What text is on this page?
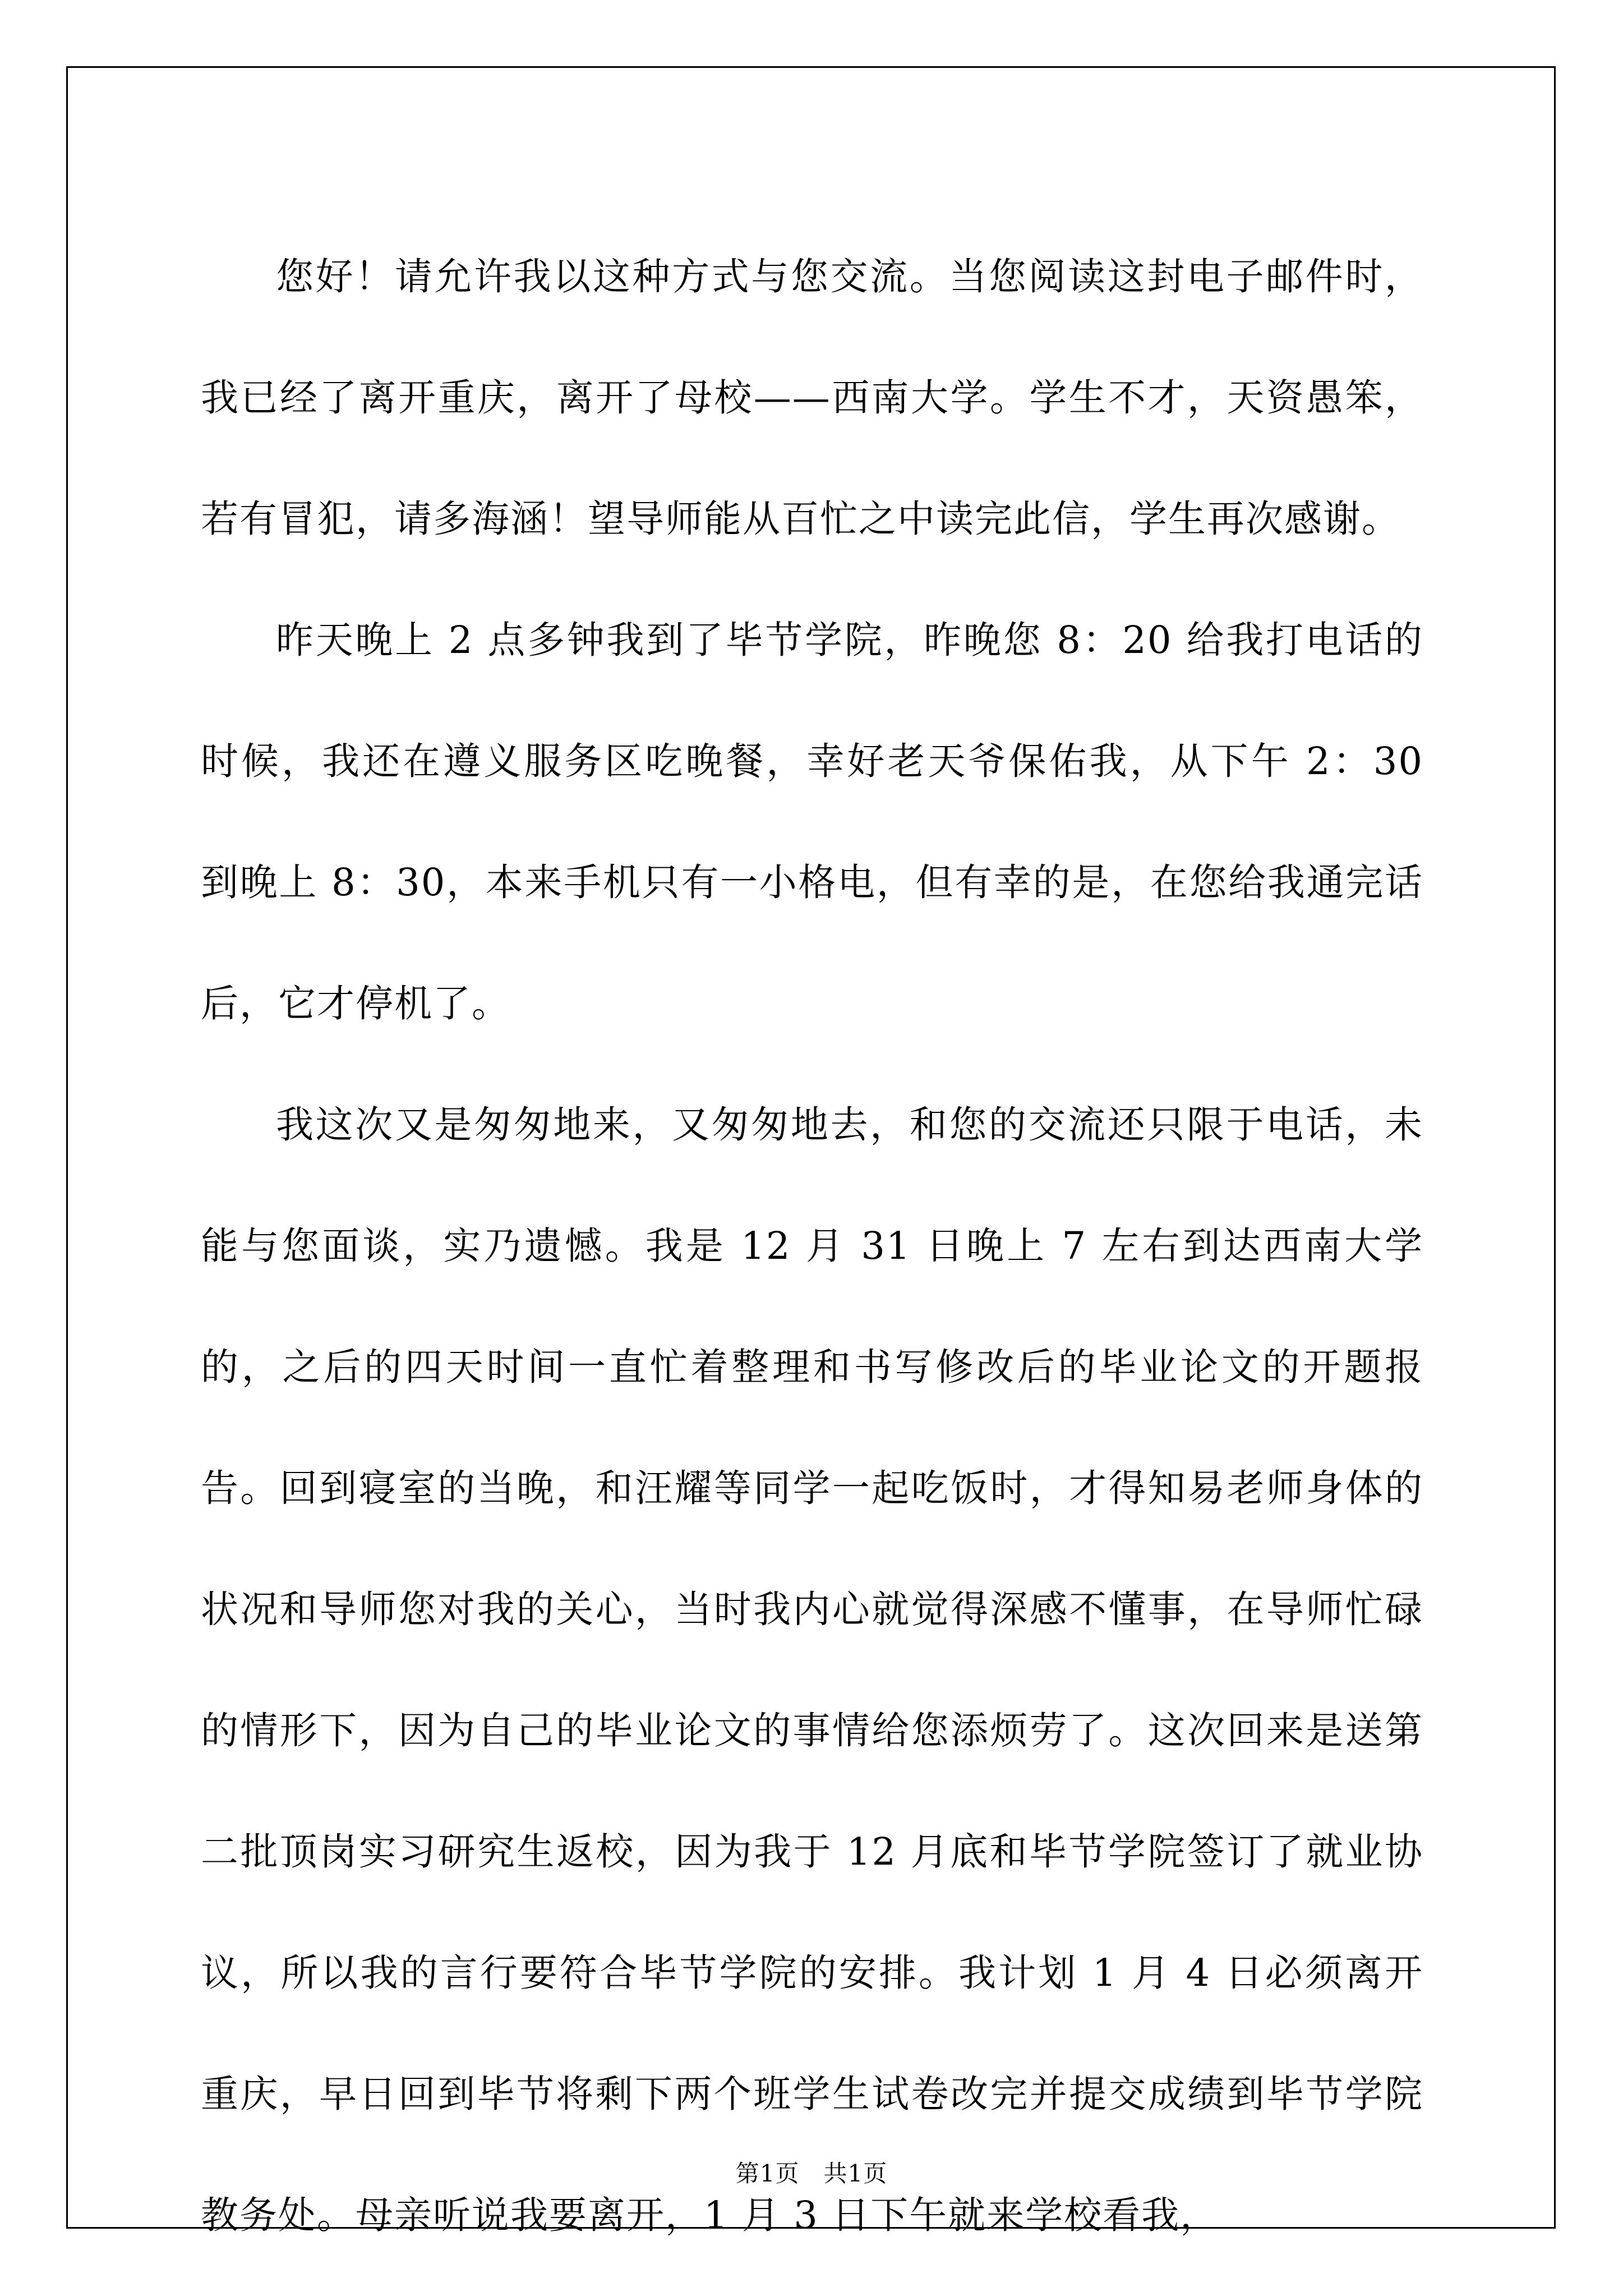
您好！请允许我以这种方式与您交流。当您阅读这封电子邮件时，我已经了离开重庆，离开了母校——西南大学。学生不才，天资愚笨，若有冒犯，请多海涵！望导师能从百忙之中读完此信，学生再次感谢。

昨天晚上 2 点多钟我到了毕节学院，昨晚您 8：20 给我打电话的时候，我还在遵义服务区吃晚餐，幸好老天爷保佑我，从下午 2：30 到晚上 8：30，本来手机只有一小格电，但有幸的是，在您给我通完话后，它才停机了。

我这次又是匆匆地来，又匆匆地去，和您的交流还只限于电话，未能与您面谈，实乃遗憾。我是 12 月 31 日晚上 7 左右到达西南大学的，之后的四天时间一直忙着整理和书写修改后的毕业论文的开题报告。回到寝室的当晚，和汪耀等同学一起吃饭时，才得知易老师身体的状况和导师您对我的关心，当时我内心就觉得深感不懂事，在导师忙碌的情形下，因为自己的毕业论文的事情给您添烦劳了。这次回来是送第二批顶岗实习研究生返校，因为我于 12 月底和毕节学院签订了就业协议，所以我的言行要符合毕节学院的安排。我计划 1 月 4 日必须离开重庆，早日回到毕节将剩下两个班学生试卷改完并提交成绩到毕节学院教务处。母亲听说我要离开，1 月 3 日下午就来学校看我，

第1页 共1页
